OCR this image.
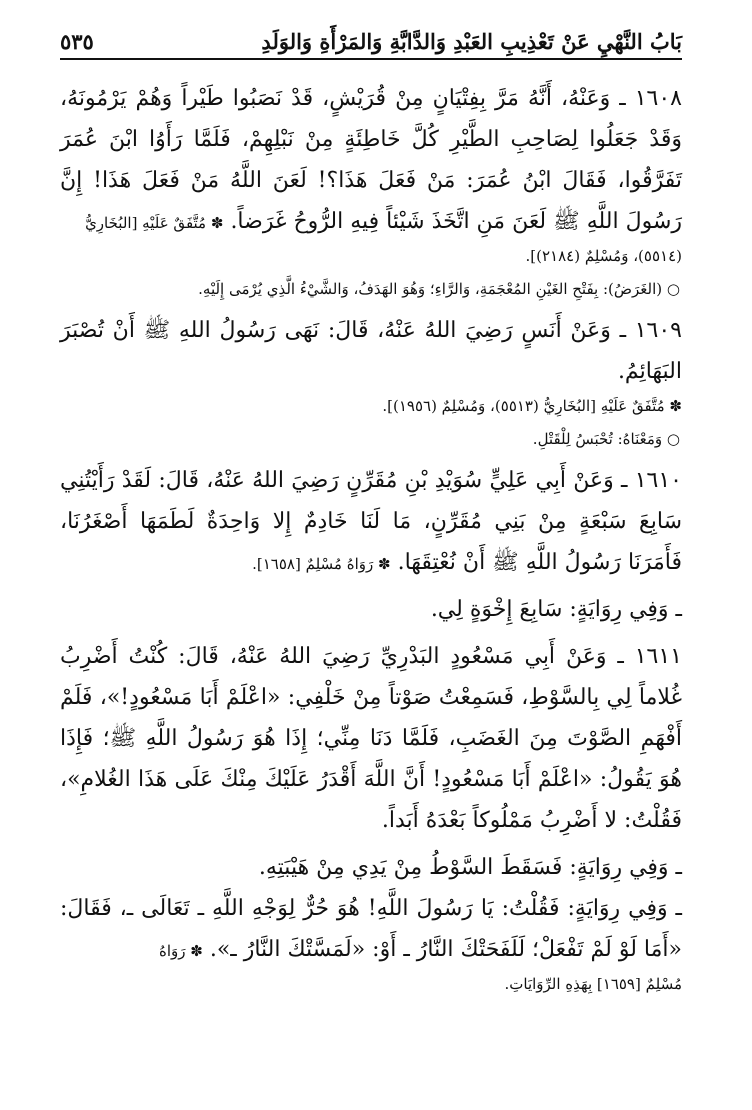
بَابُ النَّهْيِ عَنْ تَعْذِيبِ العَبْدِ وَالدَّابَّةِ وَالمَرْأَةِ وَالوَلَدِ
٥٣٥

١٦٠٨ ـ وَعَنْهُ، أَنَّهُ مَرَّ بِفِتْيَانٍ مِنْ قُرَيْشٍ، قَدْ نَصَبُوا طَيْراً وَهُمْ يَرْمُونَهُ، وَقَدْ جَعَلُوا لِصَاحِبِ الطَّيْرِ كُلَّ خَاطِئَةٍ مِنْ نَبْلِهِمْ، فَلَمَّا رَأَوُا ابْنَ عُمَرَ تَفَرَّقُوا، فَقَالَ ابْنُ عُمَرَ: مَنْ فَعَلَ هَذَا؟! لَعَنَ اللَّهُ مَنْ فَعَلَ هَذَا! إِنَّ رَسُولَ اللَّهِ ﷺ لَعَنَ مَنِ اتَّخَذَ شَيْئاً فِيهِ الرُّوحُ غَرَضاً. ✽ مُتَّفَقٌ عَلَيْهِ [البُخَارِيُّ

(٥٥١٤)، وَمُسْلِمٌ (٢١٨٤)].

○ (الغَرَضُ): بِفَتْحِ الغَيْنِ المُعْجَمَةِ، وَالرَّاءِ؛ وَهُوَ الهَدَفُ، وَالشَّيْءُ الَّذِي يُرْمَى إِلَيْهِ.

١٦٠٩ ـ وَعَنْ أَنَسٍ رَضِيَ اللهُ عَنْهُ، قَالَ: نَهَى رَسُولُ اللهِ ﷺ أَنْ تُصْبَرَ البَهَائِمُ.

✽ مُتَّفَقٌ عَلَيْهِ [البُخَارِيُّ (٥٥١٣)، وَمُسْلِمٌ (١٩٥٦)].

○ وَمَعْنَاهُ: تُحْبَسُ لِلْقَتْلِ.

١٦١٠ ـ وَعَنْ أَبِي عَلِيٍّ سُوَيْدِ بْنِ مُقَرِّنٍ رَضِيَ اللهُ عَنْهُ، قَالَ: لَقَدْ رَأَيْتُنِي سَابِعَ سَبْعَةٍ مِنْ بَنِي مُقَرِّنٍ، مَا لَنَا خَادِمٌ إِلا وَاحِدَةٌ لَطَمَهَا أَصْغَرُنَا، فَأَمَرَنَا رَسُولُ اللَّهِ ﷺ أَنْ نُعْتِقَهَا. ✽ رَوَاهُ مُسْلِمٌ [١٦٥٨].

ـ وَفِي رِوَايَةٍ: سَابِعَ إِخْوَةٍ لِي.

١٦١١ ـ وَعَنْ أَبِي مَسْعُودٍ البَدْرِيِّ رَضِيَ اللهُ عَنْهُ، قَالَ: كُنْتُ أَضْرِبُ غُلاماً لِي بِالسَّوْطِ، فَسَمِعْتُ صَوْتاً مِنْ خَلْفِي: «اعْلَمْ أَبَا مَسْعُودٍ!»، فَلَمْ أَفْهَمِ الصَّوْتَ مِنَ الغَضَبِ، فَلَمَّا دَنَا مِنِّي؛ إِذَا هُوَ رَسُولُ اللَّهِ ﷺ؛ فَإِذَا هُوَ يَقُولُ: «اعْلَمْ أَبَا مَسْعُودٍ! أَنَّ اللَّهَ أَقْدَرُ عَلَيْكَ مِنْكَ عَلَى هَذَا الغُلامِ»، فَقُلْتُ: لا أَضْرِبُ مَمْلُوكاً بَعْدَهُ أَبَداً.

ـ وَفِي رِوَايَةٍ: فَسَقَطَ السَّوْطُ مِنْ يَدِي مِنْ هَيْبَتِهِ.

ـ وَفِي رِوَايَةٍ: فَقُلْتُ: يَا رَسُولَ اللَّهِ! هُوَ حُرٌّ لِوَجْهِ اللَّهِ ـ تَعَالَى ـ، فَقَالَ: «أَمَا لَوْ لَمْ تَفْعَلْ؛ لَلَفَحَتْكَ النَّارُ ـ أَوْ: «لَمَسَّتْكَ النَّارُ ـ». ✽ رَوَاهُ

مُسْلِمٌ [١٦٥٩] بِهَذِهِ الرِّوَايَاتِ.
